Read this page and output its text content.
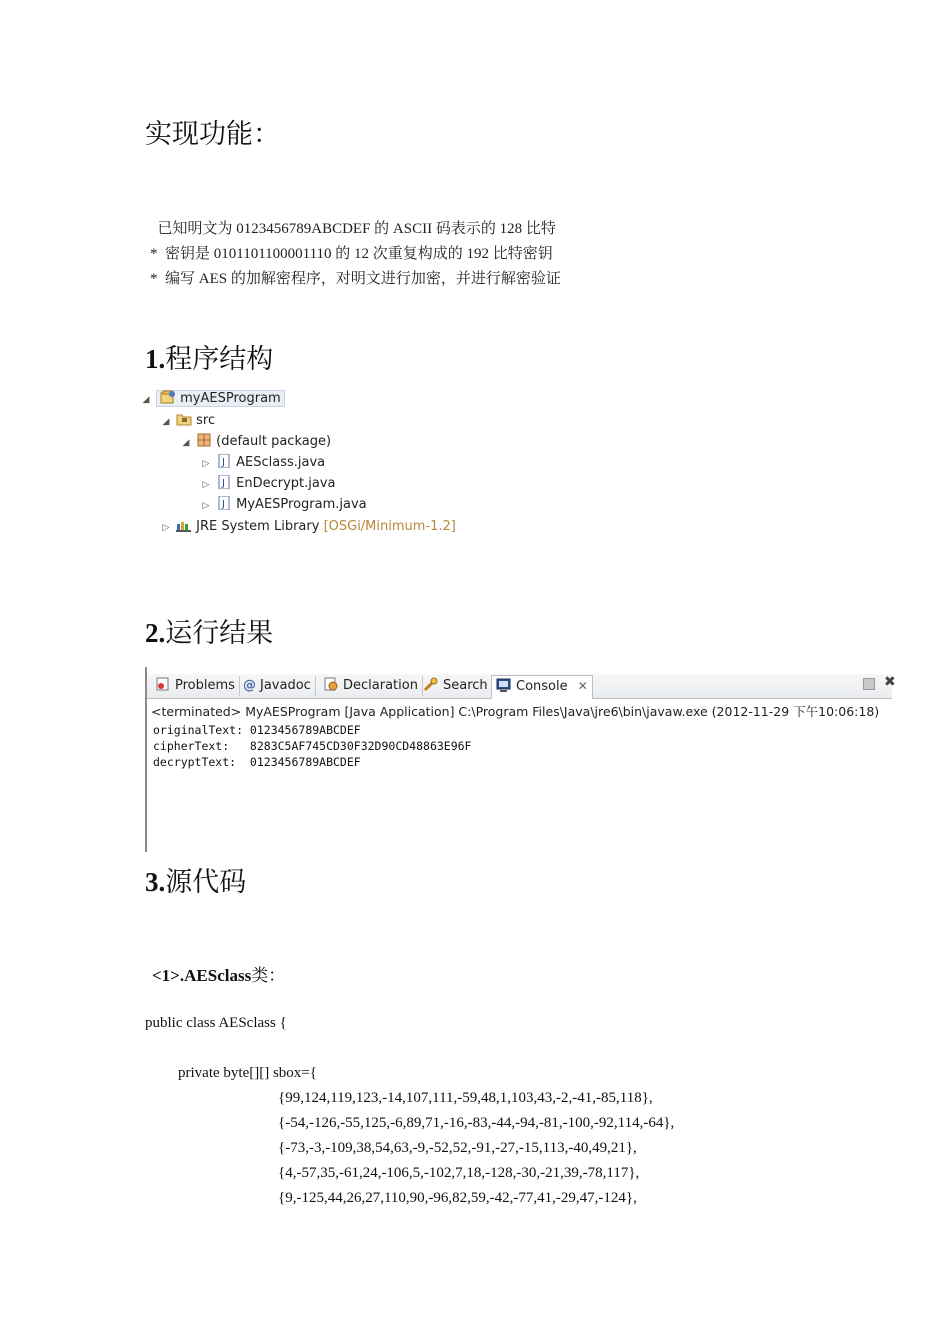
实现功能：
已知明文为 0123456789ABCDEF 的 ASCII 码表示的 128 比特
*  密钥是 0101101100001110 的 12 次重复构成的 192 比特密钥
*  编写 AES 的加解密程序，对明文进行加密，并进行解密验证
1.程序结构
◢ myAESProgram
◢ src
◢ (default package)
▷ J AESclass.java
▷ J EnDecrypt.java
▷ J MyAESProgram.java
▷ JRE System Library [OSGi/Minimum-1.2]
2.运行结果
Problems @ Javadoc	Declaration	Search	Console ✕	✖
<terminated> MyAESProgram [Java Application] C:\Program Files\Java\jre6\bin\javaw.exe (2012-11-29 下午10:06:18)
originalText: 0123456789ABCDEF
cipherText:   8283C5AF745CD30F32D90CD48863E96F
decryptText:  0123456789ABCDEF
3.源代码
<1>.AESclass类：
public class AESclass {
private byte[][] sbox={
{99,124,119,123,-14,107,111,-59,48,1,103,43,-2,-41,-85,118},
{-54,-126,-55,125,-6,89,71,-16,-83,-44,-94,-81,-100,-92,114,-64},
{-73,-3,-109,38,54,63,-9,-52,52,-91,-27,-15,113,-40,49,21},
{4,-57,35,-61,24,-106,5,-102,7,18,-128,-30,-21,39,-78,117},
{9,-125,44,26,27,110,90,-96,82,59,-42,-77,41,-29,47,-124},
